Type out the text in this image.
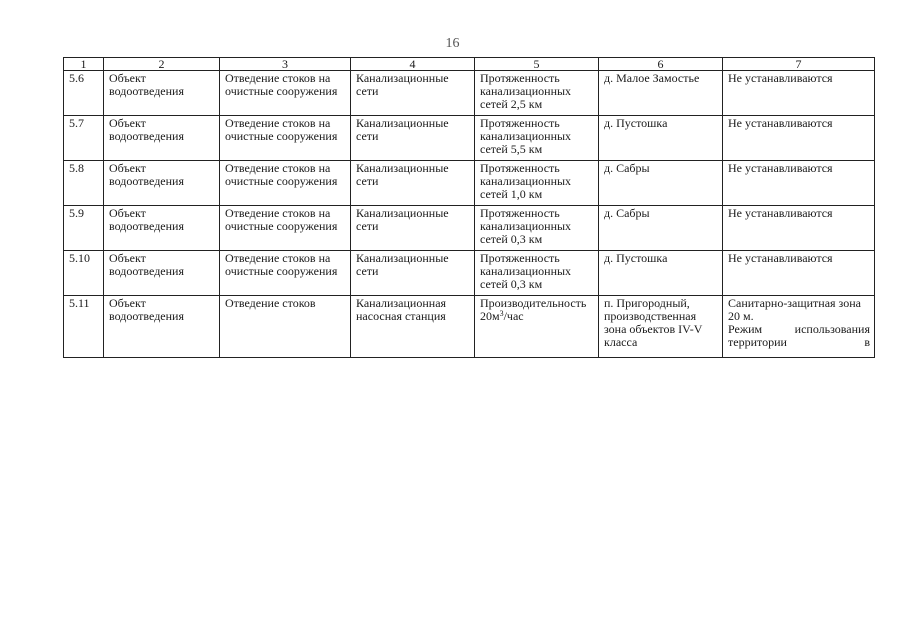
16
1	2	3	4	5	6	7
5.6	Объект водоотведения	Отведение стоков на очистные сооружения	Канализационные сети	Протяженность канализационных сетей 2,5 км	д. Малое Замостье	Не устанавливаются
5.7	Объект водоотведения	Отведение стоков на очистные сооружения	Канализационные сети	Протяженность канализационных сетей 5,5 км	д. Пустошка	Не устанавливаются
5.8	Объект водоотведения	Отведение стоков на очистные сооружения	Канализационные сети	Протяженность канализационных сетей 1,0 км	д. Сабры	Не устанавливаются
5.9	Объект водоотведения	Отведение стоков на очистные сооружения	Канализационные сети	Протяженность канализационных сетей 0,3 км	д. Сабры	Не устанавливаются
5.10	Объект водоотведения	Отведение стоков на очистные сооружения	Канализационные сети	Протяженность канализационных сетей 0,3 км	д. Пустошка	Не устанавливаются
5.11	Объект водоотведения	Отведение стоков	Канализационная насосная станция	Производительность $20м^3$/час	п. Пригородный, производственная зона объектов IV-V класса	Санитарно-защитная зона 20 м.
Режим использования территории в
